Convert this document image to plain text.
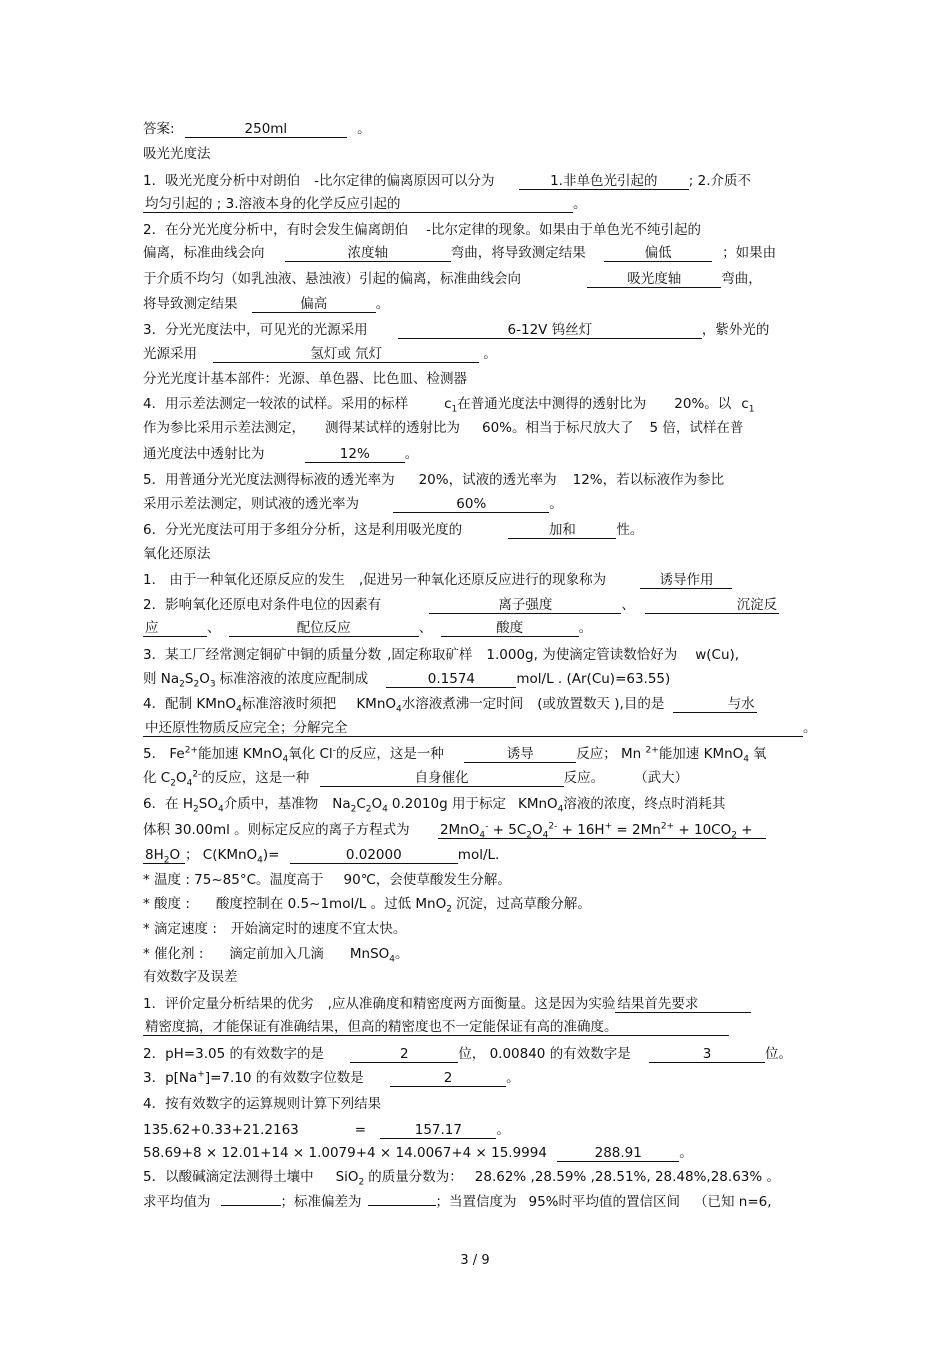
答案:	250ml	。
吸光光度法
1．吸光光度分析中对朗伯 -比尔定律的偏离原因可以分为	1.非单色光引起的 ; 2.介质不
均匀引起的 ; 3.溶液本身的化学反应引起的	。
2．在分光光度分析中，有时会发生偏离朗伯 -比尔定律的现象。如果由于单色光不纯引起的
偏离，标准曲线会向	浓度轴	弯曲，将导致测定结果	偏低	；如果由
于介质不均匀（如乳浊液、悬浊液）引起的偏离，标准曲线会向	吸光度轴	弯曲，
将导致测定结果	偏高	。
3．分光光度法中，可见光的光源采用	6-12V 钨丝灯	，紫外光的
光源采用	氢灯或 氘灯	。
分光光度计基本部件：光源、单色器、比色皿、检测器
4．用示差法测定一较浓的试样。采用的标样	$c_1$在普通光度法中测得的透射比为 20%。以 $c_1$
作为参比采用示差法测定， 测得某试样的透射比为 60%。相当于标尺放大了 5 倍，试样在普
通光度法中透射比为	12%	。
5．用普通分光光度法测得标液的透光率为 20%，试液的透光率为 12%，若以标液作为参比
采用示差法测定，则试液的透光率为	60%	。
6．分光光度法可用于多组分分析，这是利用吸光度的	加和	性。
氧化还原法
1． 由于一种氧化还原反应的发生 ,促进另一种氧化还原反应进行的现象称为	诱导作用
2．影响氧化还原电对条件电位的因素有	离子强度	、	沉淀反
应	、	配位反应	、	酸度	。
3．某工厂经常测定铜矿中铜的质量分数 ,固定称取矿样 1.000g, 为使滴定管读数恰好为 w(Cu),
则 $Na_2S_2O_3$ 标准溶液的浓度应配制成	0.1574	mol/L . (Ar(Cu)=63.55)
4．配制 KMnO$_4$标准溶液时须把 KMnO$_4$水溶液煮沸一定时间 (或放置数天 ),目的是	与水
中还原性物质反应完全；分解完全	。
5． $Fe^{2+}$能加速 KMnO$_4$氧化 Cl-的反应，这是一种	诱导	反应； Mn $^{2+}$能加速 KMnO$_4$ 氧
化 $C_2O_4^{2-}$的反应，这是一种	自身催化	反应。 （武大）
6．在 $H_2SO_4$介质中，基准物 $Na_2C_2O_4$ 0.2010g 用于标定 KMnO$_4$溶液的浓度，终点时消耗其
体积 30.00ml 。则标定反应的离子方程式为 $2MnO_4^- + 5C_2O_4^{2-} + 16H^+ = 2Mn^{2+} + 10CO_2$ +
$8H_2O$ ； C(KMnO$_4$)=	0.02000	mol/L.
* 温度 : 75~85°C。温度高于 90℃，会使草酸发生分解。
* 酸度 : 酸度控制在 0.5~1mol/L 。过低 MnO$_2$ 沉淀，过高草酸分解。
* 滴定速度 : 开始滴定时的速度不宜太快。
* 催化剂 : 滴定前加入几滴 MnSO$_4$。
有效数字及误差
1．评价定量分析结果的优劣 ,应从准确度和精密度两方面衡量。这是因为实验 结果首先要求
精密度搞，才能保证有准确结果，但高的精密度也不一定能保证有高的准确度。
2．pH=3.05 的有效数字的是	2	位， 0.00840 的有效数字是	3	位。
3．p[Na+]=7.10 的有效数字位数是	2	。
4．按有效数字的运算规则计算下列结果
135.62+0.33+21.2163	=	157.17	。
58.69+8 × 12.01+14 × 1.0079+4 × 14.0067+4 × 15.9994	288.91	。
5．以酸碱滴定法测得土壤中 SiO$_2$ 的质量分数为： 28.62% ,28.59% ,28.51%, 28.48%,28.63% 。
求平均值为	；标准偏差为	；当置信度为 95%时平均值的置信区间 （已知 n=6,
3 / 9
